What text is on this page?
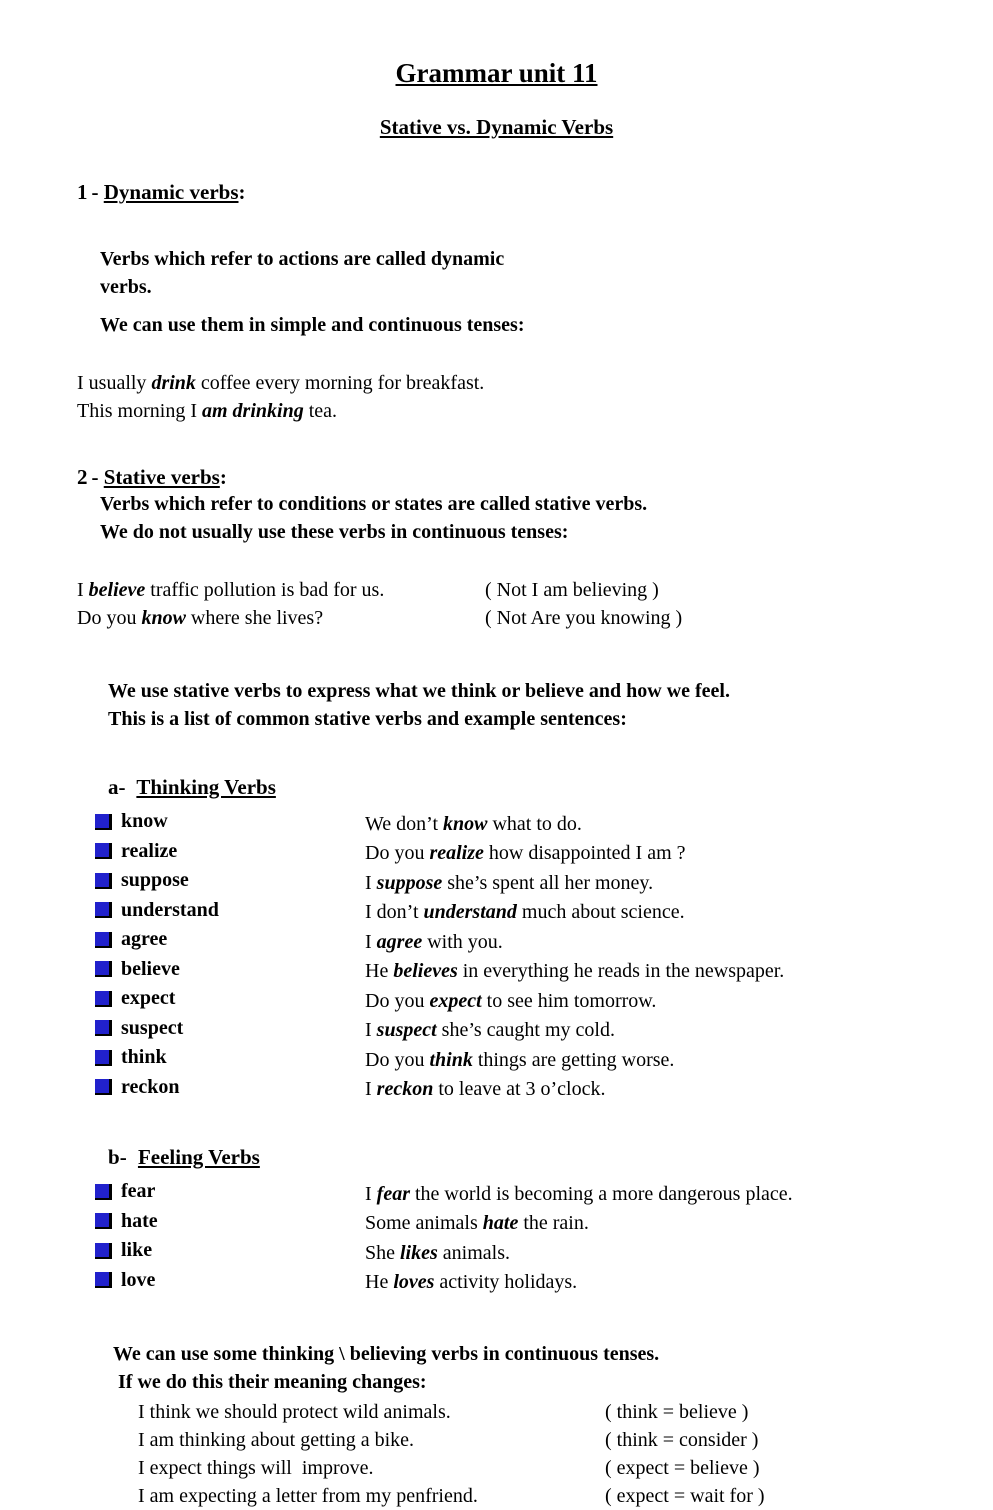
Grammar unit 11
Stative vs. Dynamic Verbs
1 - Dynamic verbs:
Verbs which refer to actions are called dynamic
verbs.
We can use them in simple and continuous tenses:
I usually drink coffee every morning for breakfast.
This morning I am drinking tea.
2 - Stative verbs:
Verbs which refer to conditions or states are called stative verbs.
We do not usually use these verbs in continuous tenses:
I believe traffic pollution is bad for us.	( Not I am believing )
Do you know where she lives?	( Not Are you knowing )
We use stative verbs to express what we think or believe and how we feel.
This is a list of common stative verbs and example sentences:
a- Thinking Verbs
know	We don’t know what to do.
realize	Do you realize how disappointed I am ?
suppose	I suppose she’s spent all her money.
understand	I don’t understand much about science.
agree	I agree with you.
believe	He believes in everything he reads in the newspaper.
expect	Do you expect to see him tomorrow.
suspect	I suspect she’s caught my cold.
think	Do you think things are getting worse.
reckon	I reckon to leave at 3 o’clock.
b- Feeling Verbs
fear	I fear the world is becoming a more dangerous place.
hate	Some animals hate the rain.
like	She likes animals.
love	He loves activity holidays.
We can use some thinking \ believing verbs in continuous tenses.
If we do this their meaning changes:
I think we should protect wild animals.	( think = believe )
I am thinking about getting a bike.	( think = consider )
I expect things will  improve.	( expect = believe )
I am expecting a letter from my penfriend.	( expect = wait for )
